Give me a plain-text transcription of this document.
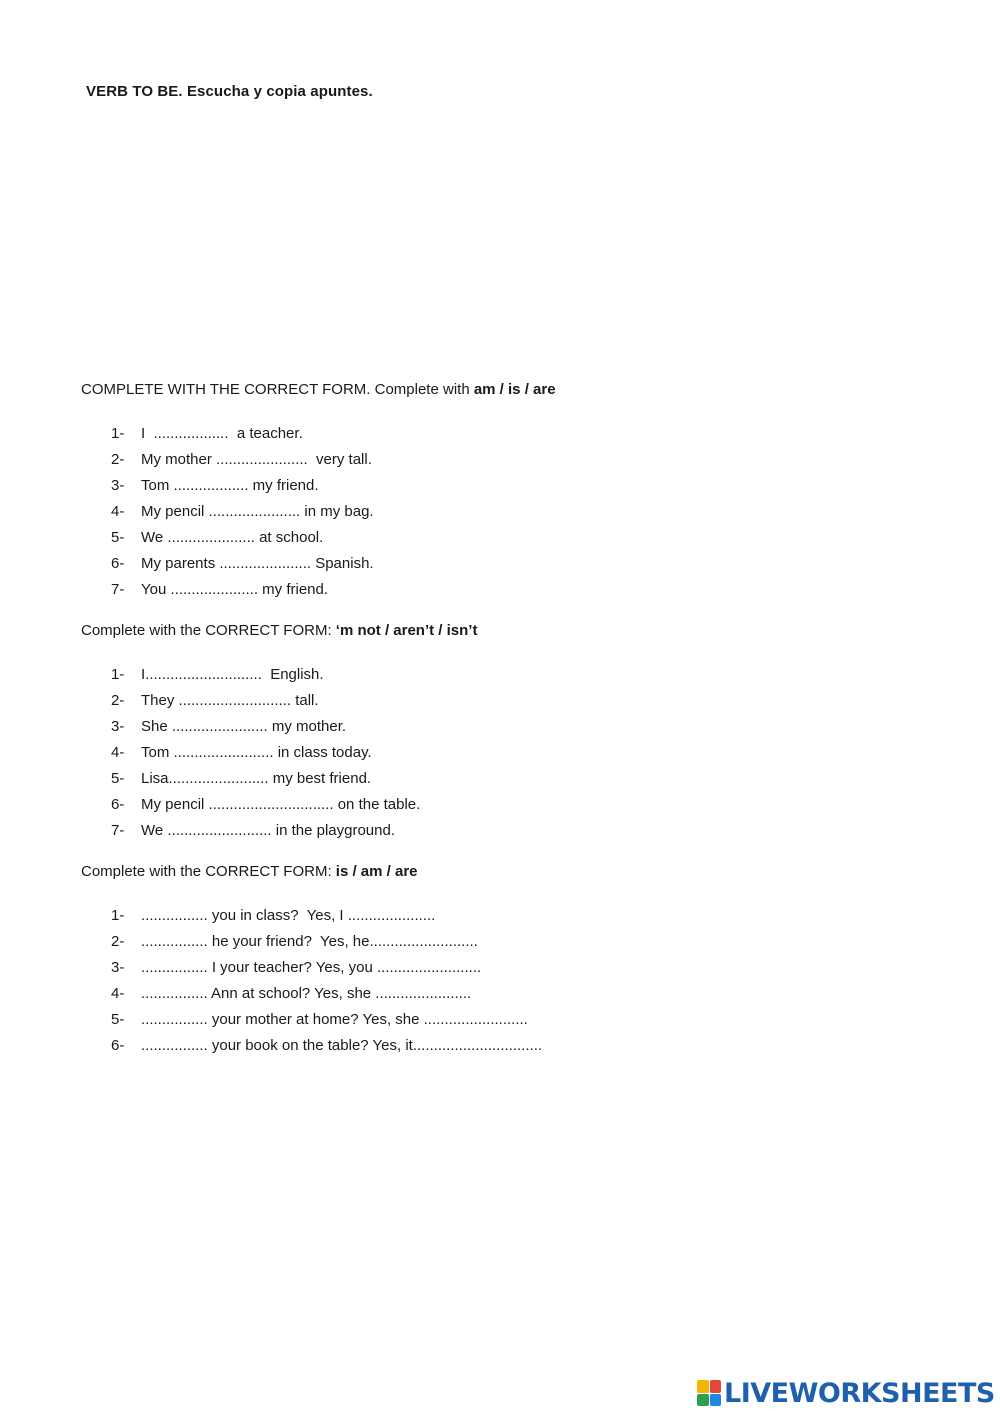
VERB TO BE. Escucha y copia apuntes.
COMPLETE WITH THE CORRECT FORM. Complete with am / is / are
1-	I  ..................  a teacher.
2-	My mother ......................  very tall.
3-	Tom .................. my friend.
4-	My pencil ...................... in my bag.
5-	We ..................... at school.
6-	My parents ...................... Spanish.
7-	You ..................... my friend.
Complete with the CORRECT FORM: ‘m not / aren’t / isn’t
1-	I............................  English.
2-	They ........................... tall.
3-	She ....................... my mother.
4-	Tom ........................ in class today.
5-	Lisa........................ my best friend.
6-	My pencil .............................. on the table.
7-	We ......................... in the playground.
Complete with the CORRECT FORM: is / am / are
1-	................ you in class?  Yes, I .....................
2-	................ he your friend?  Yes, he..........................
3-	................ I your teacher? Yes, you .........................
4-	................ Ann at school? Yes, she .......................
5-	................ your mother at home? Yes, she .........................
6-	................ your book on the table? Yes, it...............................
LIVEWORKSHEETS
